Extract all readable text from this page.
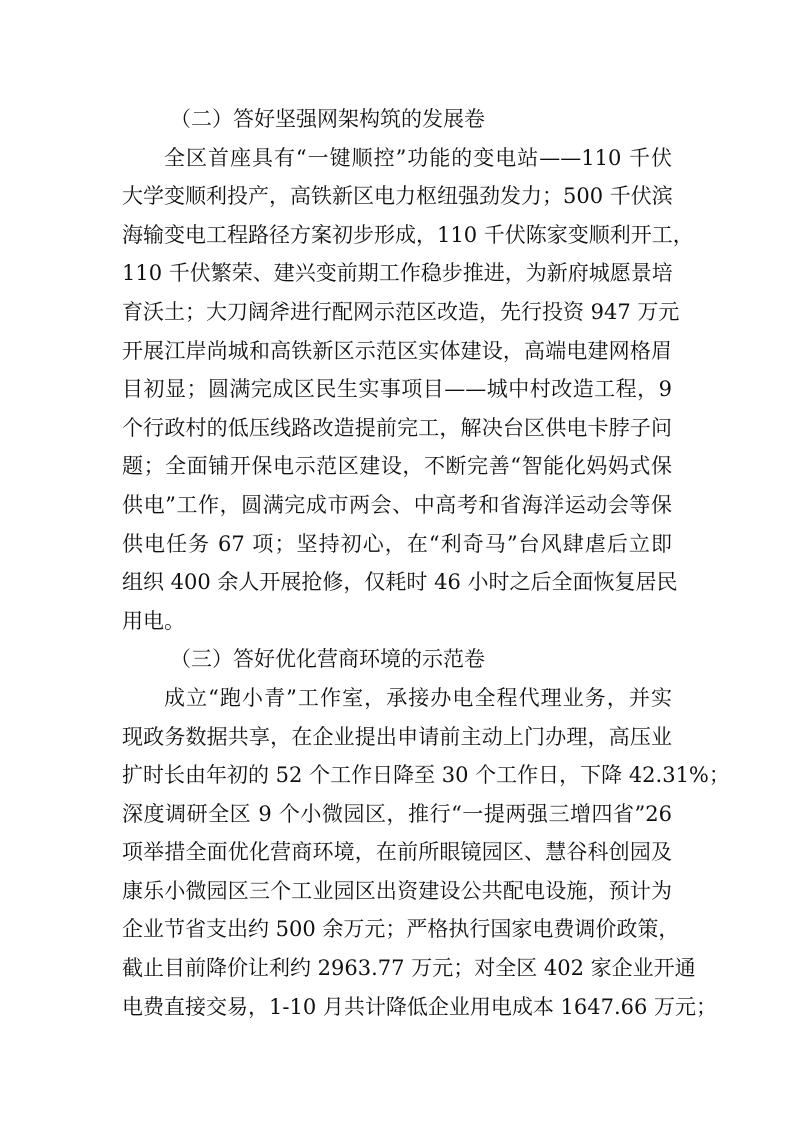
（二）答好坚强网架构筑的发展卷
全区首座具有“一键顺控”功能的变电站——110 千伏
大学变顺利投产，高铁新区电力枢纽强劲发力；500 千伏滨
海输变电工程路径方案初步形成，110 千伏陈家变顺利开工，
110 千伏繁荣、建兴变前期工作稳步推进，为新府城愿景培
育沃土；大刀阔斧进行配网示范区改造，先行投资 947 万元
开展江岸尚城和高铁新区示范区实体建设，高端电建网格眉
目初显；圆满完成区民生实事项目——城中村改造工程，9
个行政村的低压线路改造提前完工，解决台区供电卡脖子问
题；全面铺开保电示范区建设，不断完善“智能化妈妈式保
供电”工作，圆满完成市两会、中高考和省海洋运动会等保
供电任务 67 项；坚持初心，在“利奇马”台风肆虐后立即
组织 400 余人开展抢修，仅耗时 46 小时之后全面恢复居民
用电。
（三）答好优化营商环境的示范卷
成立“跑小青”工作室，承接办电全程代理业务，并实
现政务数据共享，在企业提出申请前主动上门办理，高压业
扩时长由年初的 52 个工作日降至 30 个工作日，下降 42.31%；
深度调研全区 9 个小微园区，推行“一提两强三增四省”26
项举措全面优化营商环境，在前所眼镜园区、慧谷科创园及
康乐小微园区三个工业园区出资建设公共配电设施，预计为
企业节省支出约 500 余万元；严格执行国家电费调价政策，
截止目前降价让利约 2963.77 万元；对全区 402 家企业开通
电费直接交易，1-10 月共计降低企业用电成本 1647.66 万元；
